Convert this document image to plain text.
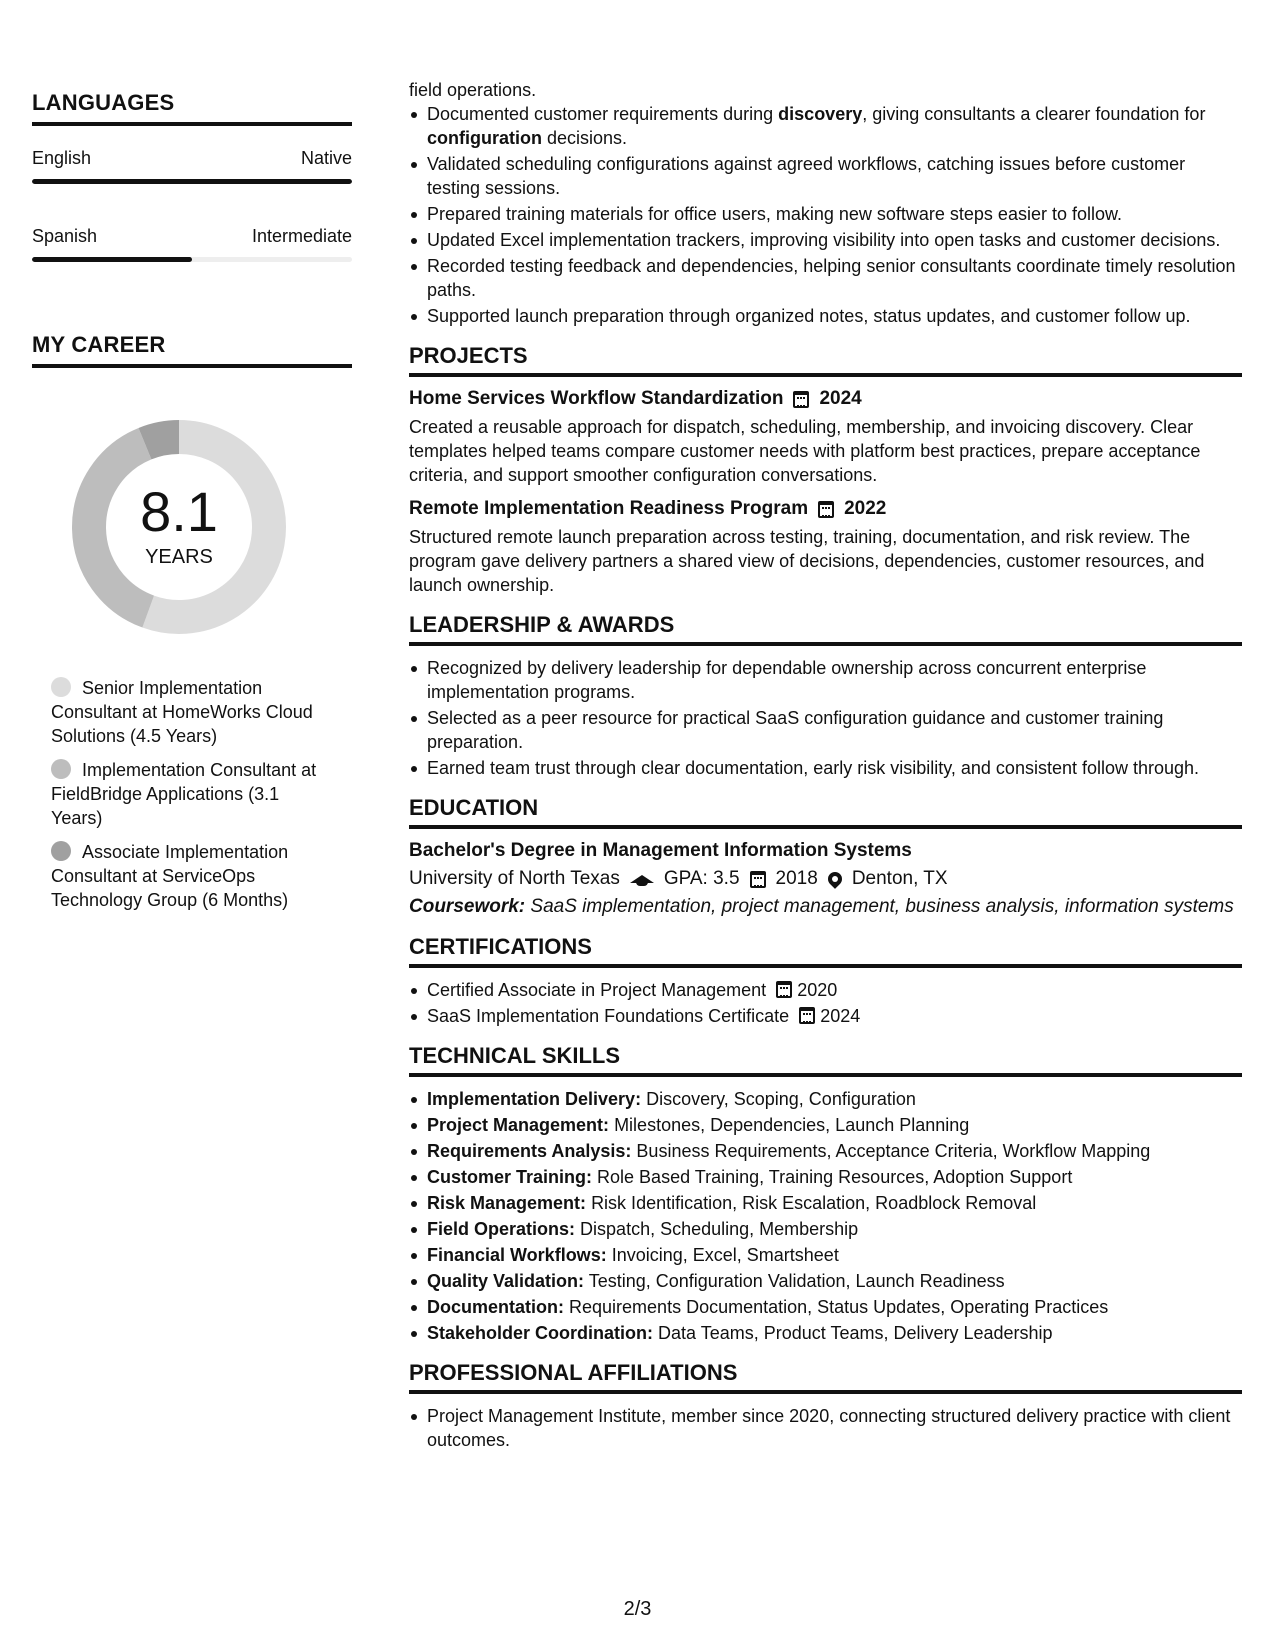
LANGUAGES
English	Native
Spanish	Intermediate
MY CAREER
8.1
YEARS
Senior Implementation Consultant at HomeWorks Cloud Solutions (4.5 Years)
Implementation Consultant at FieldBridge Applications (3.1 Years)
Associate Implementation Consultant at ServiceOps Technology Group (6 Months)
field operations.
Documented customer requirements during discovery, giving consultants a clearer foundation for configuration decisions.
Validated scheduling configurations against agreed workflows, catching issues before customer testing sessions.
Prepared training materials for office users, making new software steps easier to follow.
Updated Excel implementation trackers, improving visibility into open tasks and customer decisions.
Recorded testing feedback and dependencies, helping senior consultants coordinate timely resolution paths.
Supported launch preparation through organized notes, status updates, and customer follow up.
PROJECTS
Home Services Workflow Standardization 2024
Created a reusable approach for dispatch, scheduling, membership, and invoicing discovery. Clear templates helped teams compare customer needs with platform best practices, prepare acceptance criteria, and support smoother configuration conversations.
Remote Implementation Readiness Program 2022
Structured remote launch preparation across testing, training, documentation, and risk review. The program gave delivery partners a shared view of decisions, dependencies, customer resources, and launch ownership.
LEADERSHIP & AWARDS
Recognized by delivery leadership for dependable ownership across concurrent enterprise implementation programs.
Selected as a peer resource for practical SaaS configuration guidance and customer training preparation.
Earned team trust through clear documentation, early risk visibility, and consistent follow through.
EDUCATION
Bachelor's Degree in Management Information Systems
University of North Texas GPA: 3.5 2018 Denton, TX
Coursework: SaaS implementation, project management, business analysis, information systems
CERTIFICATIONS
Certified Associate in Project Management 2020
SaaS Implementation Foundations Certificate 2024
TECHNICAL SKILLS
Implementation Delivery: Discovery, Scoping, Configuration
Project Management: Milestones, Dependencies, Launch Planning
Requirements Analysis: Business Requirements, Acceptance Criteria, Workflow Mapping
Customer Training: Role Based Training, Training Resources, Adoption Support
Risk Management: Risk Identification, Risk Escalation, Roadblock Removal
Field Operations: Dispatch, Scheduling, Membership
Financial Workflows: Invoicing, Excel, Smartsheet
Quality Validation: Testing, Configuration Validation, Launch Readiness
Documentation: Requirements Documentation, Status Updates, Operating Practices
Stakeholder Coordination: Data Teams, Product Teams, Delivery Leadership
PROFESSIONAL AFFILIATIONS
Project Management Institute, member since 2020, connecting structured delivery practice with client outcomes.
2/3
